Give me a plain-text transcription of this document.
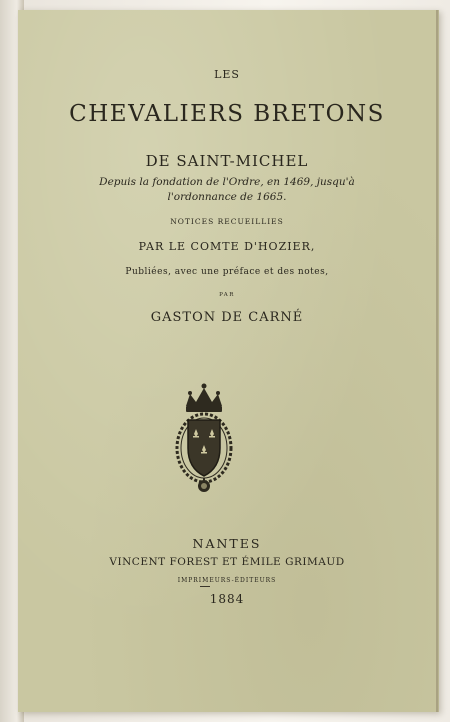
LES
CHEVALIERS BRETONS
DE SAINT-MICHEL
Depuis la fondation de l'Ordre, en 1469, jusqu'à l'ordonnance de 1665.
NOTICES RECUEILLIES
PAR LE COMTE D'HOZIER,
Publiées, avec une préface et des notes,
PAR
GASTON DE CARNÉ
NANTES
VINCENT FOREST ET ÉMILE GRIMAUD
IMPRIMEURS-ÉDITEURS
1884
